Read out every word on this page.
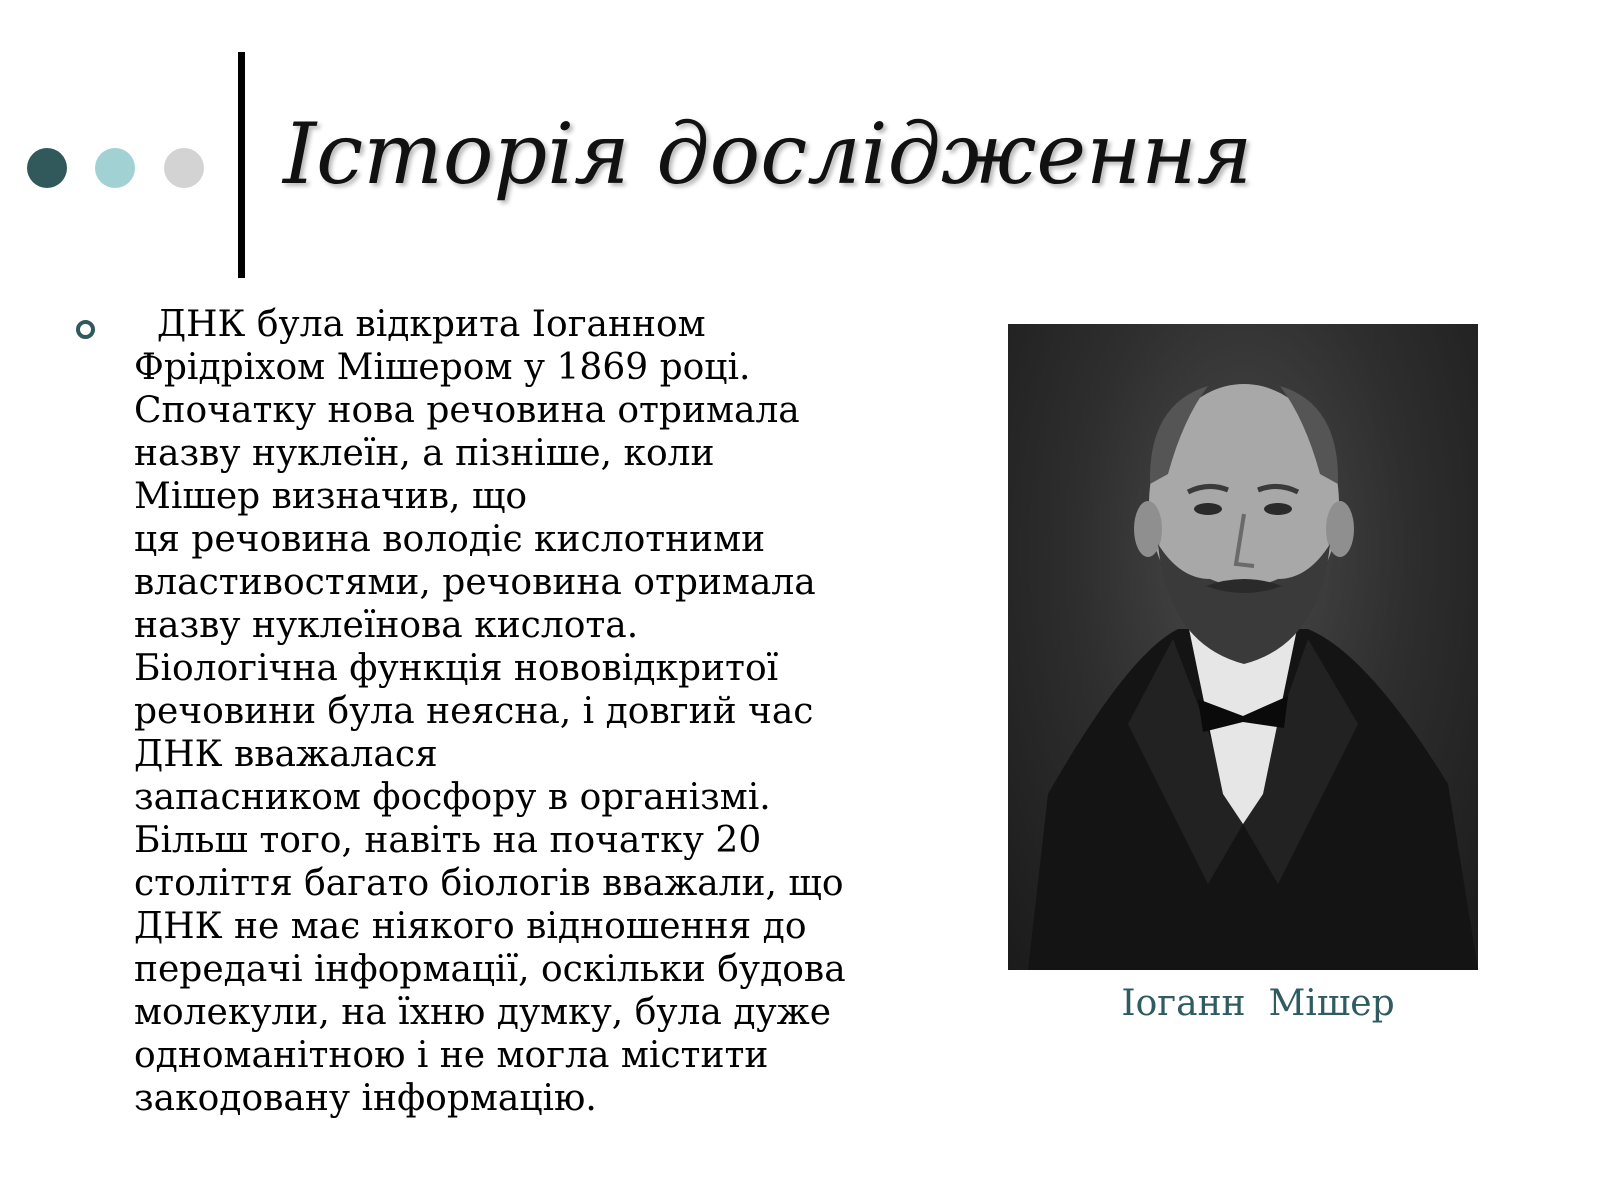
Історія дослідження
ДНК була відкрита Іоганном
Фрідріхом Мішером у 1869 році.
Спочатку нова речовина отримала
назву нуклеїн, а пізніше, коли
Мішер визначив, що
ця речовина володіє кислотними
властивостями, речовина отримала
назву нуклеїнова кислота.
Біологічна функція нововідкритої
речовини була неясна, і довгий час
ДНК вважалася
запасником фосфору в організмі.
Більш того, навіть на початку 20
століття багато біологів вважали, що
ДНК не має ніякого відношення до
передачі інформації, оскільки будова
молекули, на їхню думку, була дуже
одноманітною і не могла містити
закодовану інформацію.
Іоганн  Мішер
